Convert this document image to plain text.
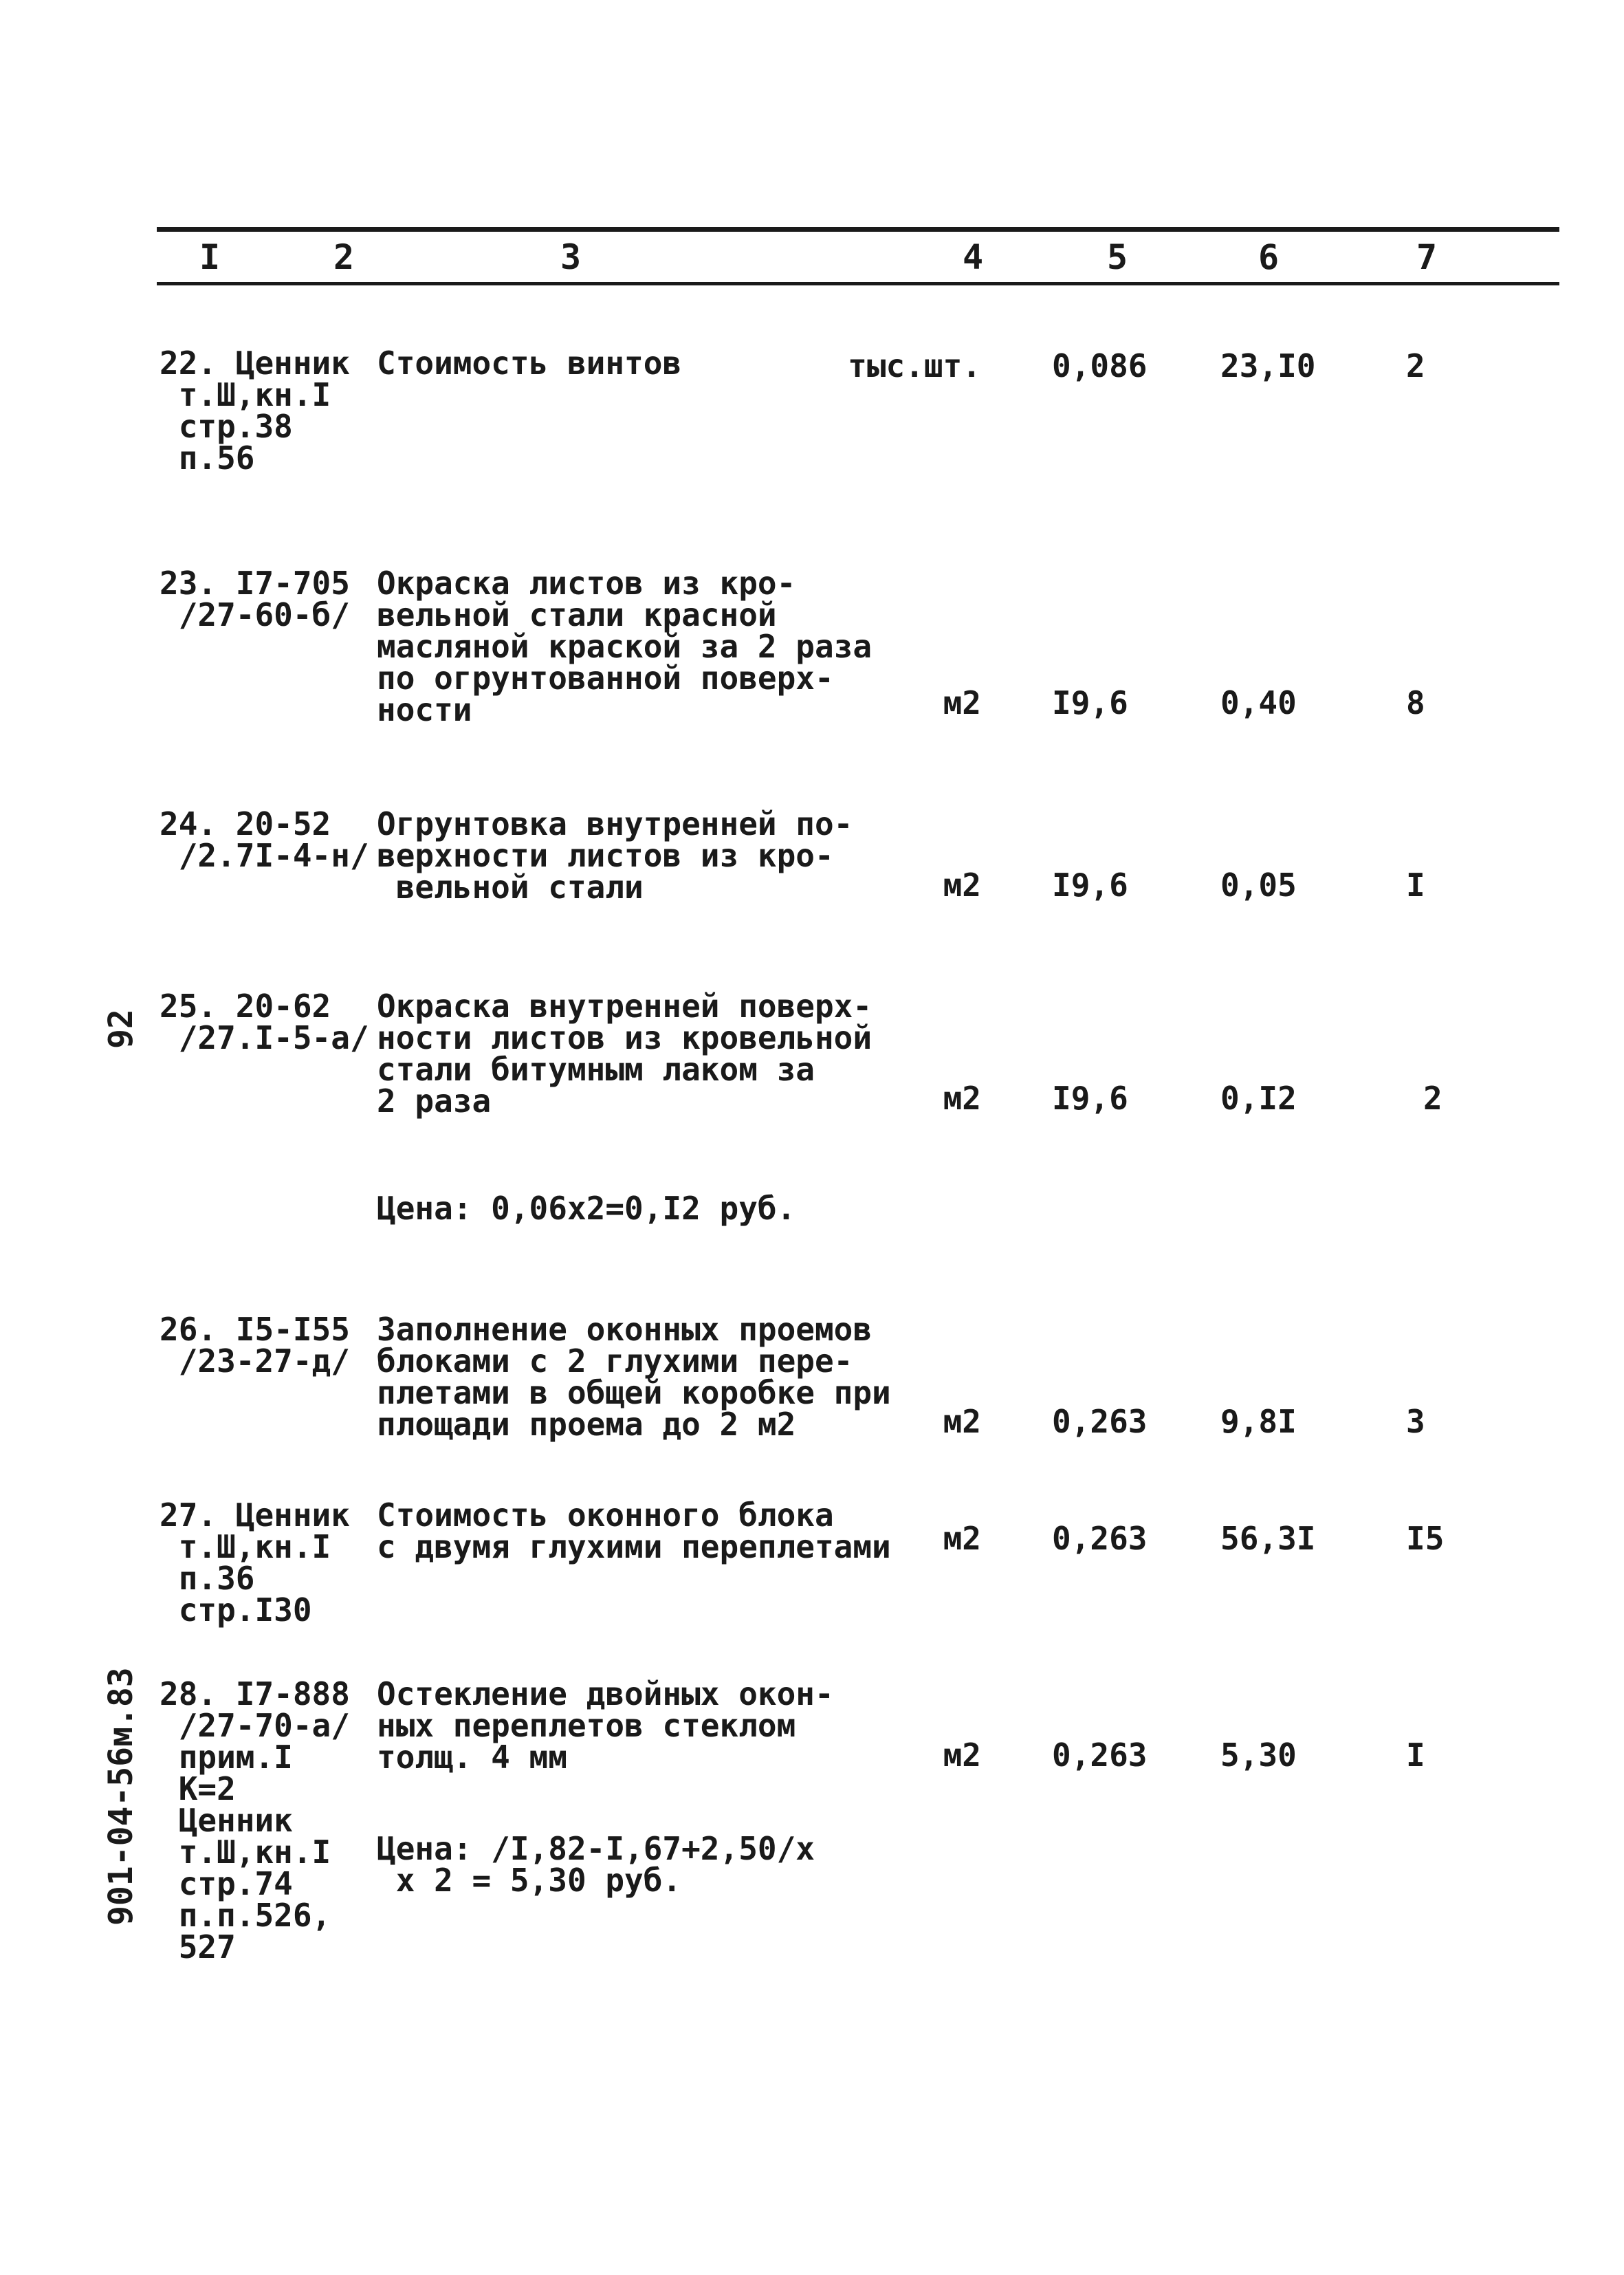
I	2	3	4	5	6	7
22. Ценник
т.Ш,кн.I
стр.38
п.56
Стоимость винтов	тыс.шт. 0,086 23,I0	2
23. I7-705
/27-60-б/
Окраска листов из кро-
вельной стали красной
масляной краской за 2 раза
по огрунтованной поверх-
ности	м2 I9,6	0,40	8
24. 20-52
/2.7I-4-н/
Огрунтовка внутренней по-
верхности листов из кро-
вельной стали	м2 I9,6	0,05	I
25. 20-62
/27.I-5-а/
Окраска внутренней поверх-
ности листов из кровельной
стали битумным лаком за
2 раза	м2 I9,6	0,I2	2
Цена: 0,06x2=0,I2 руб.
26. I5-I55
/23-27-д/
Заполнение оконных проемов
блоками с 2 глухими пере-
плетами в общей коробке при
площади проема до 2 м2	м2 0,263 9,8I	3
27. Ценник
т.Ш,кн.I
п.36
стр.I30
Стоимость оконного блока
с двумя глухими переплетами м2 0,263 56,3I	I5
28. I7-888
/27-70-а/
прим.I
К=2
Ценник
т.Ш,кн.I
стр.74
п.п.526,
527
Остекление двойных окон-
ных переплетов стеклом
толщ. 4 мм	м2 0,263 5,30	I
Цена: /I,82-I,67+2,50/x
x 2 = 5,30 руб.
92
901-04-56м.83
